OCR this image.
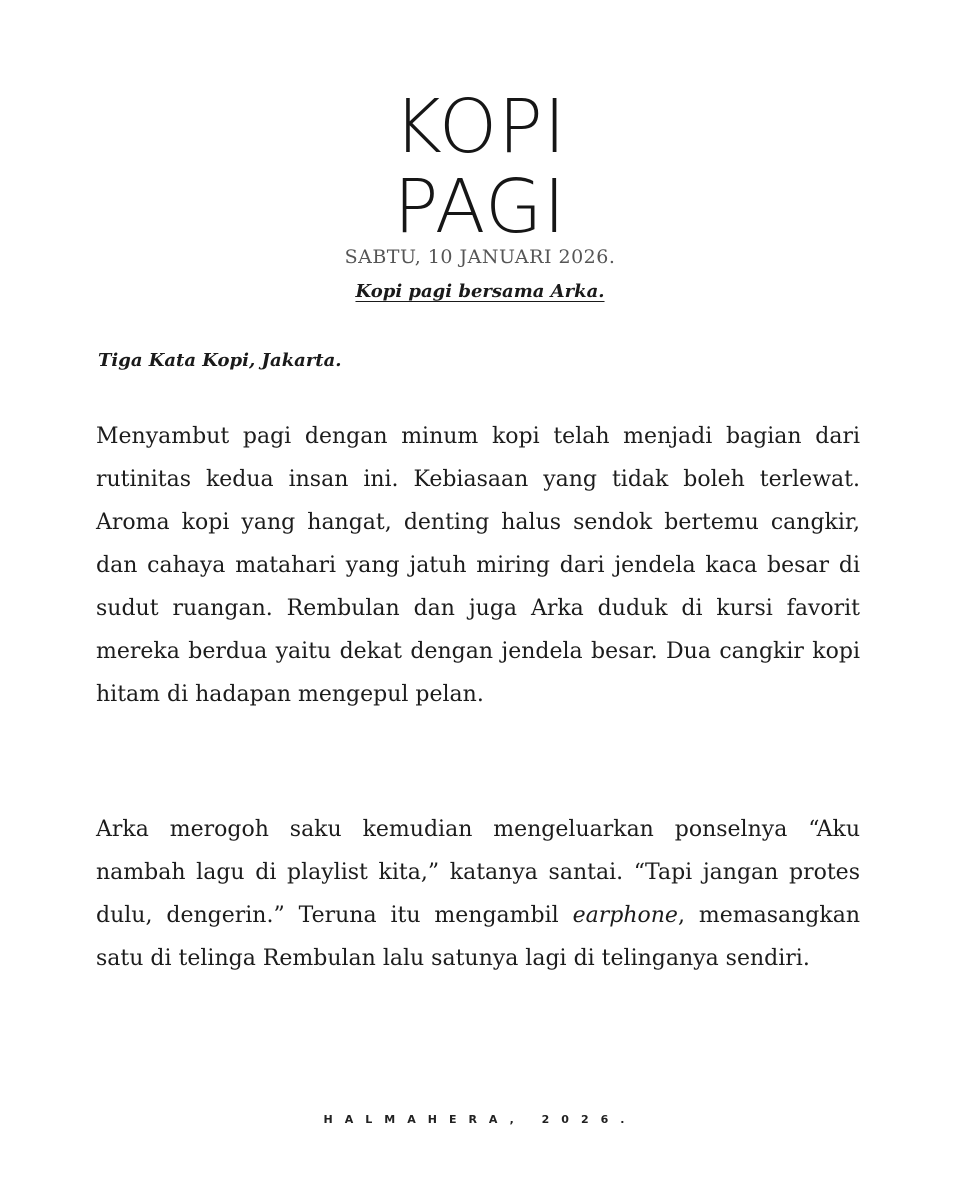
KOPI
PAGI
SABTU, 10 JANUARI 2026.
Kopi pagi bersama Arka.
Tiga Kata Kopi, Jakarta.

Menyambut pagi dengan minum kopi telah menjadi bagian dari rutinitas kedua insan ini. Kebiasaan yang tidak boleh terlewat. Aroma kopi yang hangat, denting halus sendok bertemu cangkir, dan cahaya matahari yang jatuh miring dari jendela kaca besar di sudut ruangan. Rembulan dan juga Arka duduk di kursi favorit mereka berdua yaitu dekat dengan jendela besar. Dua cangkir kopi hitam di hadapan mengepul pelan.

Arka merogoh saku kemudian mengeluarkan ponselnya “Aku nambah lagu di playlist kita,” katanya santai. “Tapi jangan protes dulu, dengerin.” Teruna itu mengambil earphone, memasangkan satu di telinga Rembulan lalu satunya lagi di telinganya sendiri.

HALMAHERA, 2026.
